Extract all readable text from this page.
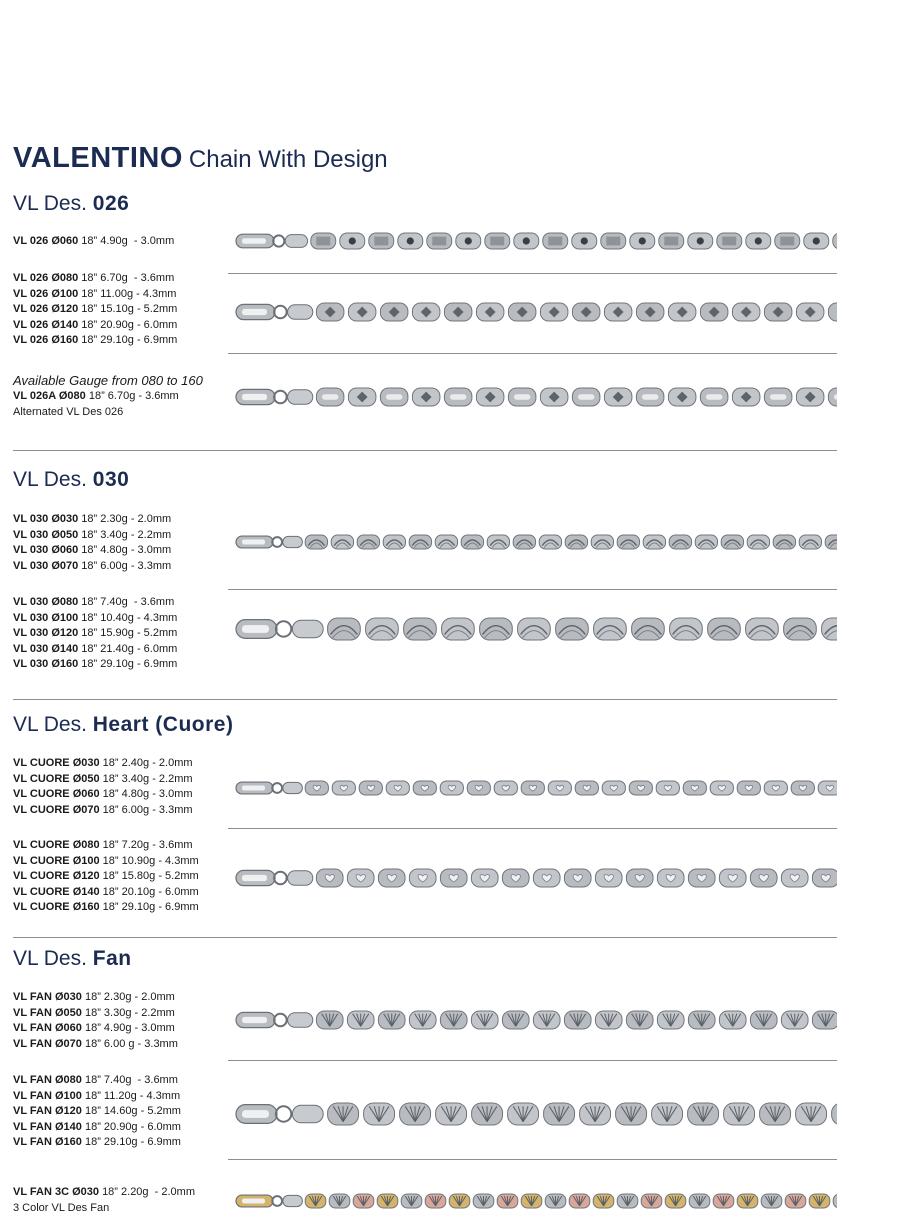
VALENTINO Chain With Design
VL Des. 026
VL Des. 030
VL Des. Heart (Cuore)
VL Des. Fan
VL 026 Ø060 18” 4.90g  - 3.0mm
VL 026 Ø080 18” 6.70g  - 3.6mm
VL 026 Ø100 18” 11.00g - 4.3mm
VL 026 Ø120 18” 15.10g - 5.2mm
VL 026 Ø140 18” 20.90g - 6.0mm
VL 026 Ø160 18” 29.10g - 6.9mm
Available Gauge from 080 to 160
VL 026A Ø080 18” 6.70g - 3.6mm
Alternated VL Des 026
VL 030 Ø030 18” 2.30g - 2.0mm
VL 030 Ø050 18” 3.40g - 2.2mm
VL 030 Ø060 18” 4.80g - 3.0mm
VL 030 Ø070 18” 6.00g - 3.3mm
VL 030 Ø080 18” 7.40g  - 3.6mm
VL 030 Ø100 18” 10.40g - 4.3mm
VL 030 Ø120 18” 15.90g - 5.2mm
VL 030 Ø140 18” 21.40g - 6.0mm
VL 030 Ø160 18” 29.10g - 6.9mm
VL CUORE Ø030 18” 2.40g - 2.0mm
VL CUORE Ø050 18” 3.40g - 2.2mm
VL CUORE Ø060 18” 4.80g - 3.0mm
VL CUORE Ø070 18” 6.00g - 3.3mm
VL CUORE Ø080 18” 7.20g - 3.6mm
VL CUORE Ø100 18” 10.90g - 4.3mm
VL CUORE Ø120 18” 15.80g - 5.2mm
VL CUORE Ø140 18” 20.10g - 6.0mm
VL CUORE Ø160 18” 29.10g - 6.9mm
VL FAN Ø030 18” 2.30g - 2.0mm
VL FAN Ø050 18” 3.30g - 2.2mm
VL FAN Ø060 18” 4.90g - 3.0mm
VL FAN Ø070 18” 6.00 g - 3.3mm
VL FAN Ø080 18” 7.40g  - 3.6mm
VL FAN Ø100 18” 11.20g - 4.3mm
VL FAN Ø120 18” 14.60g - 5.2mm
VL FAN Ø140 18” 20.90g - 6.0mm
VL FAN Ø160 18” 29.10g - 6.9mm
VL FAN 3C Ø030 18” 2.20g  - 2.0mm
3 Color VL Des Fan
